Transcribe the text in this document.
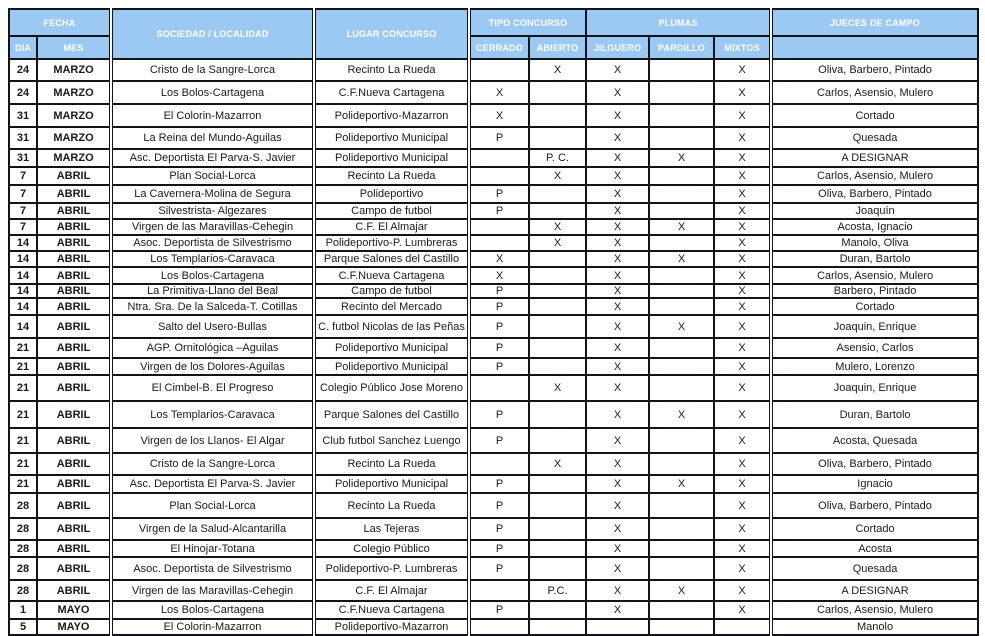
FECHA		SOCIEDAD / LOCALIDAD	LUGAR CONCURSO	TIPO CONCURSO		PLUMAS			JUECES DE CAMPO
DIA	MES			CERRADO	ABIERTO	JILGUERO	PARDILLO	MIXTOS	
24	MARZO	Cristo de la Sangre-Lorca	Recinto La Rueda		X	X		X	Oliva, Barbero, Pintado
24	MARZO	Los Bolos-Cartagena	C.F.Nueva Cartagena	X		X		X	Carlos, Asensio, Mulero
31	MARZO	El Colorin-Mazarron	Polideportivo-Mazarron	X		X		X	Cortado
31	MARZO	La Reina del Mundo-Aguilas	Polideportivo Municipal	P		X		X	Quesada
31	MARZO	Asc. Deportista El Parva-S. Javier	Polideportivo Municipal		P. C.	X	X	X	A DESIGNAR
7	ABRIL	Plan Social-Lorca	Recinto La Rueda		X	X		X	Carlos, Asensio, Mulero
7	ABRIL	La Cavernera-Molina de Segura	Polideportivo	P		X		X	Oliva, Barbero, Pintado
7	ABRIL	Silvestrista- Algezares	Campo de futbol	P		X		X	Joaquín
7	ABRIL	Virgen de las Maravillas-Cehegin	C.F. El Almajar		X	X	X	X	Acosta, Ignacio
14	ABRIL	Asoc. Deportista de Silvestrismo	Polideportivo-P. Lumbreras		X	X		X	Manolo, Oliva
14	ABRIL	Los Templarios-Caravaca	Parque Salones del Castillo	X		X	X	X	Duran, Bartolo
14	ABRIL	Los Bolos-Cartagena	C.F.Nueva Cartagena	X		X		X	Carlos, Asensio, Mulero
14	ABRIL	La Primitiva-Llano del Beal	Campo de futbol	P		X		X	Barbero, Pintado
14	ABRIL	Ntra. Sra. De la Salceda-T. Cotillas	Recinto del Mercado	P		X		X	Cortado
14	ABRIL	Salto del Usero-Bullas	C. futbol Nicolas de las Peñas	P		X	X	X	Joaquin, Enrique
21	ABRIL	AGP. Ornitológica –Aguilas	Polideportivo Municipal	P		X		X	Asensio, Carlos
21	ABRIL	Virgen de los Dolores-Aguilas	Polideportivo Municipal	P		X		X	Mulero, Lorenzo
21	ABRIL	El Cimbel-B. El Progreso	Colegio Público Jose Moreno		X	X		X	Joaquin, Enrique
21	ABRIL	Los Templarios-Caravaca	Parque Salones del Castillo	P		X	X	X	Duran, Bartolo
21	ABRIL	Virgen de los Llanos- El Algar	Club futbol Sanchez Luengo	P		X		X	Acosta, Quesada
21	ABRIL	Cristo de la Sangre-Lorca	Recinto La Rueda		X	X		X	Oliva, Barbero, Pintado
21	ABRIL	Asc. Deportista El Parva-S. Javier	Polideportivo Municipal	P		X	X	X	Ignacio
28	ABRIL	Plan Social-Lorca	Recinto La Rueda	P		X		X	Oliva, Barbero, Pintado
28	ABRIL	Virgen de la Salud-Alcantarilla	Las Tejeras	P		X		X	Cortado
28	ABRIL	El Hinojar-Totana	Colegio Público	P		X		X	Acosta
28	ABRIL	Asoc. Deportista de Silvestrismo	Polideportivo-P. Lumbreras	P		X		X	Quesada
28	ABRIL	Virgen de las Maravillas-Cehegin	C.F. El Almajar		P.C.	X	X	X	A DESIGNAR
1	MAYO	Los Bolos-Cartagena	C.F.Nueva Cartagena	P		X		X	Carlos, Asensio, Mulero
5	MAYO	El Colorin-Mazarron	Polideportivo-Mazarron						Manolo
